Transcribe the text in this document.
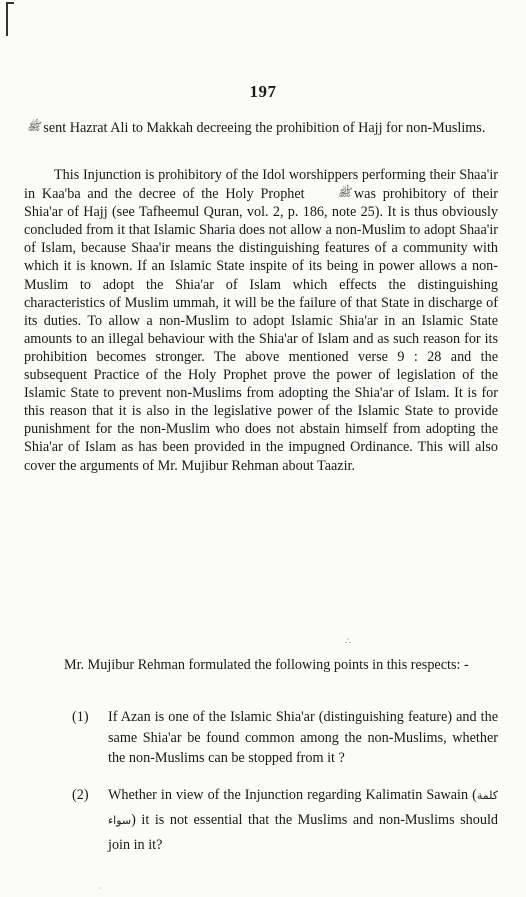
197

ﷺ sent Hazrat Ali to Makkah decreeing the prohibition of Hajj for non-Muslims.

This Injunction is prohibitory of the Idol worshippers performing their Shaa'ir in Kaa'ba and the decree of the Holy Prophet	ﷺ was prohibitory of their Shia'ar of Hajj (see Tafheemul Quran, vol. 2, p. 186, note 25). It is thus obviously concluded from it that Islamic Sharia does not allow a non-Muslim to adopt Shaa'ir of Islam, because Shaa'ir means the distinguishing features of a community with which it is known. If an Islamic State inspite of its being in power allows a non-Muslim to adopt the Shia'ar of Islam which effects the distinguishing characteristics of Muslim ummah, it will be the failure of that State in discharge of its duties. To allow a non-Muslim to adopt Islamic Shia'ar in an Islamic State amounts to an illegal behaviour with the Shia'ar of Islam and as such reason for its prohibition becomes stronger. The above mentioned verse 9 : 28 and the subsequent Practice of the Holy Prophet prove the power of legislation of the Islamic State to prevent non-Muslims from adopting the Shia'ar of Islam. It is for this reason that it is also in the legislative power of the Islamic State to provide punishment for the non-Muslim who does not abstain himself from adopting the Shia'ar of Islam as has been provided in the impugned Ordinance. This will also cover the arguments of Mr. Mujibur Rehman about Taazir.

Mr. Mujibur Rehman formulated the following points in this respects: -

(1) If Azan is one of the Islamic Shia'ar (distinguishing feature) and the same Shia'ar be found common among the non-Muslims, whether the non-Muslims can be stopped from it ?
(2) Whether in view of the Injunction regarding Kalimatin Sawain (كلمة سواء) it is not essential that the Muslims and non-Muslims should join in it?
∴
·
